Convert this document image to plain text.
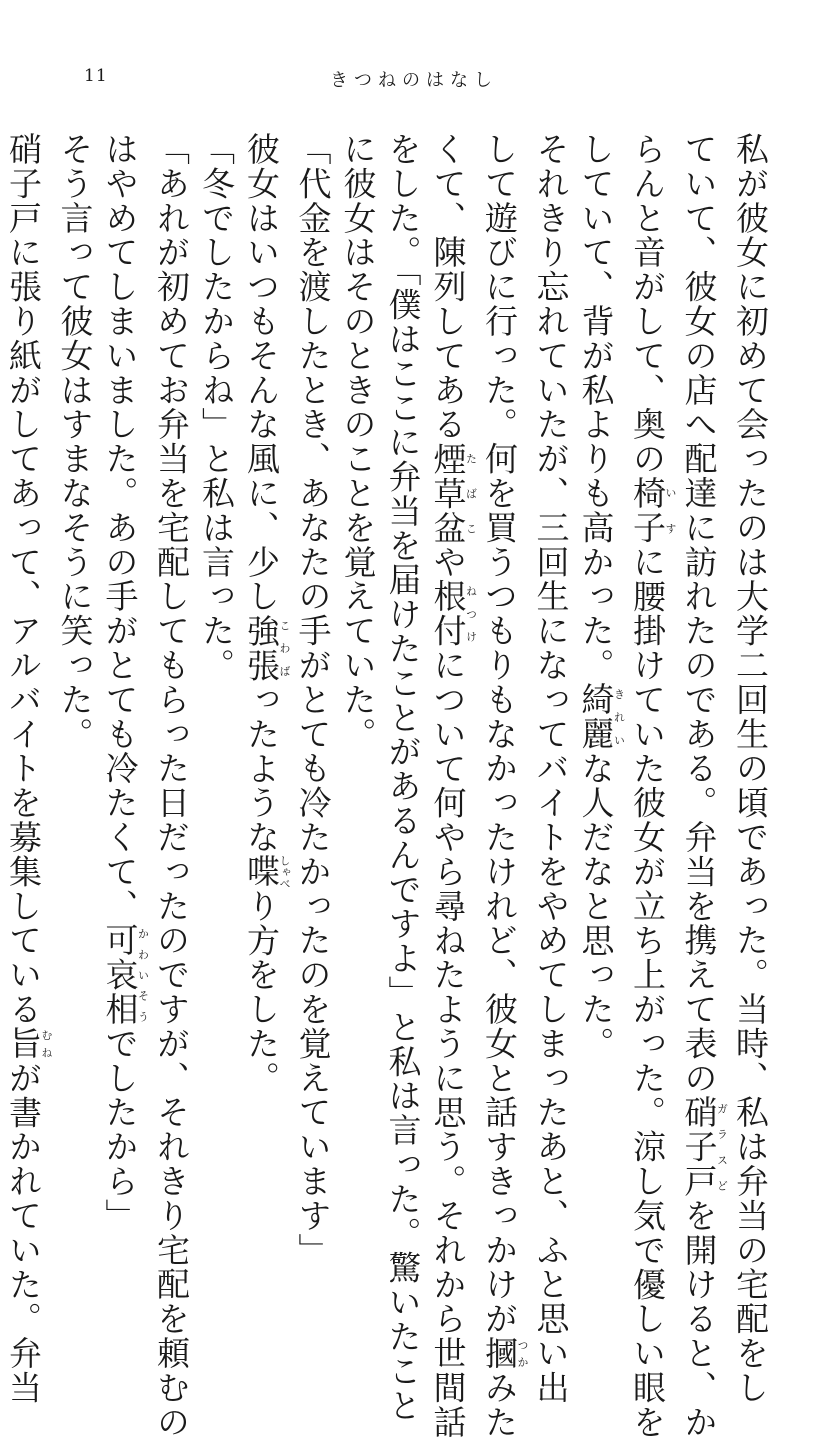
11	きつねのはなし

私が彼女に初めて会ったのは大学二回生の頃であった。当時、私は弁当の宅配をし

ていて、彼女の店へ配達に訪れたのである。弁当を携えて表の硝子戸ガラスどを開けると、か

らんと音がして、奥の椅子いすに腰掛けていた彼女が立ち上がった。涼し気で優しい眼を

していて、背が私よりも高かった。綺麗きれいな人だなと思った。

それきり忘れていたが、三回生になってバイトをやめてしまったあと、ふと思い出

して遊びに行った。何を買うつもりもなかったけれど、彼女と話すきっかけが摑つかみた

くて、陳列してある煙草盆たばこや根付ねつけについて何やら尋ねたように思う。それから世間話

をした。「僕はここに弁当を届けたことがあるんですよ」と私は言った。驚いたこと

に彼女はそのときのことを覚えていた。

「代金を渡したとき、あなたの手がとても冷たかったのを覚えています」

彼女はいつもそんな風に、少し強張こわばったような喋しゃべり方をした。

「冬でしたからね」と私は言った。

「あれが初めてお弁当を宅配してもらった日だったのですが、それきり宅配を頼むの

はやめてしまいました。あの手がとても冷たくて、可哀相かわいそうでしたから」

そう言って彼女はすまなそうに笑った。

硝子戸に張り紙がしてあって、アルバイトを募集している旨むねが書かれていた。弁当
